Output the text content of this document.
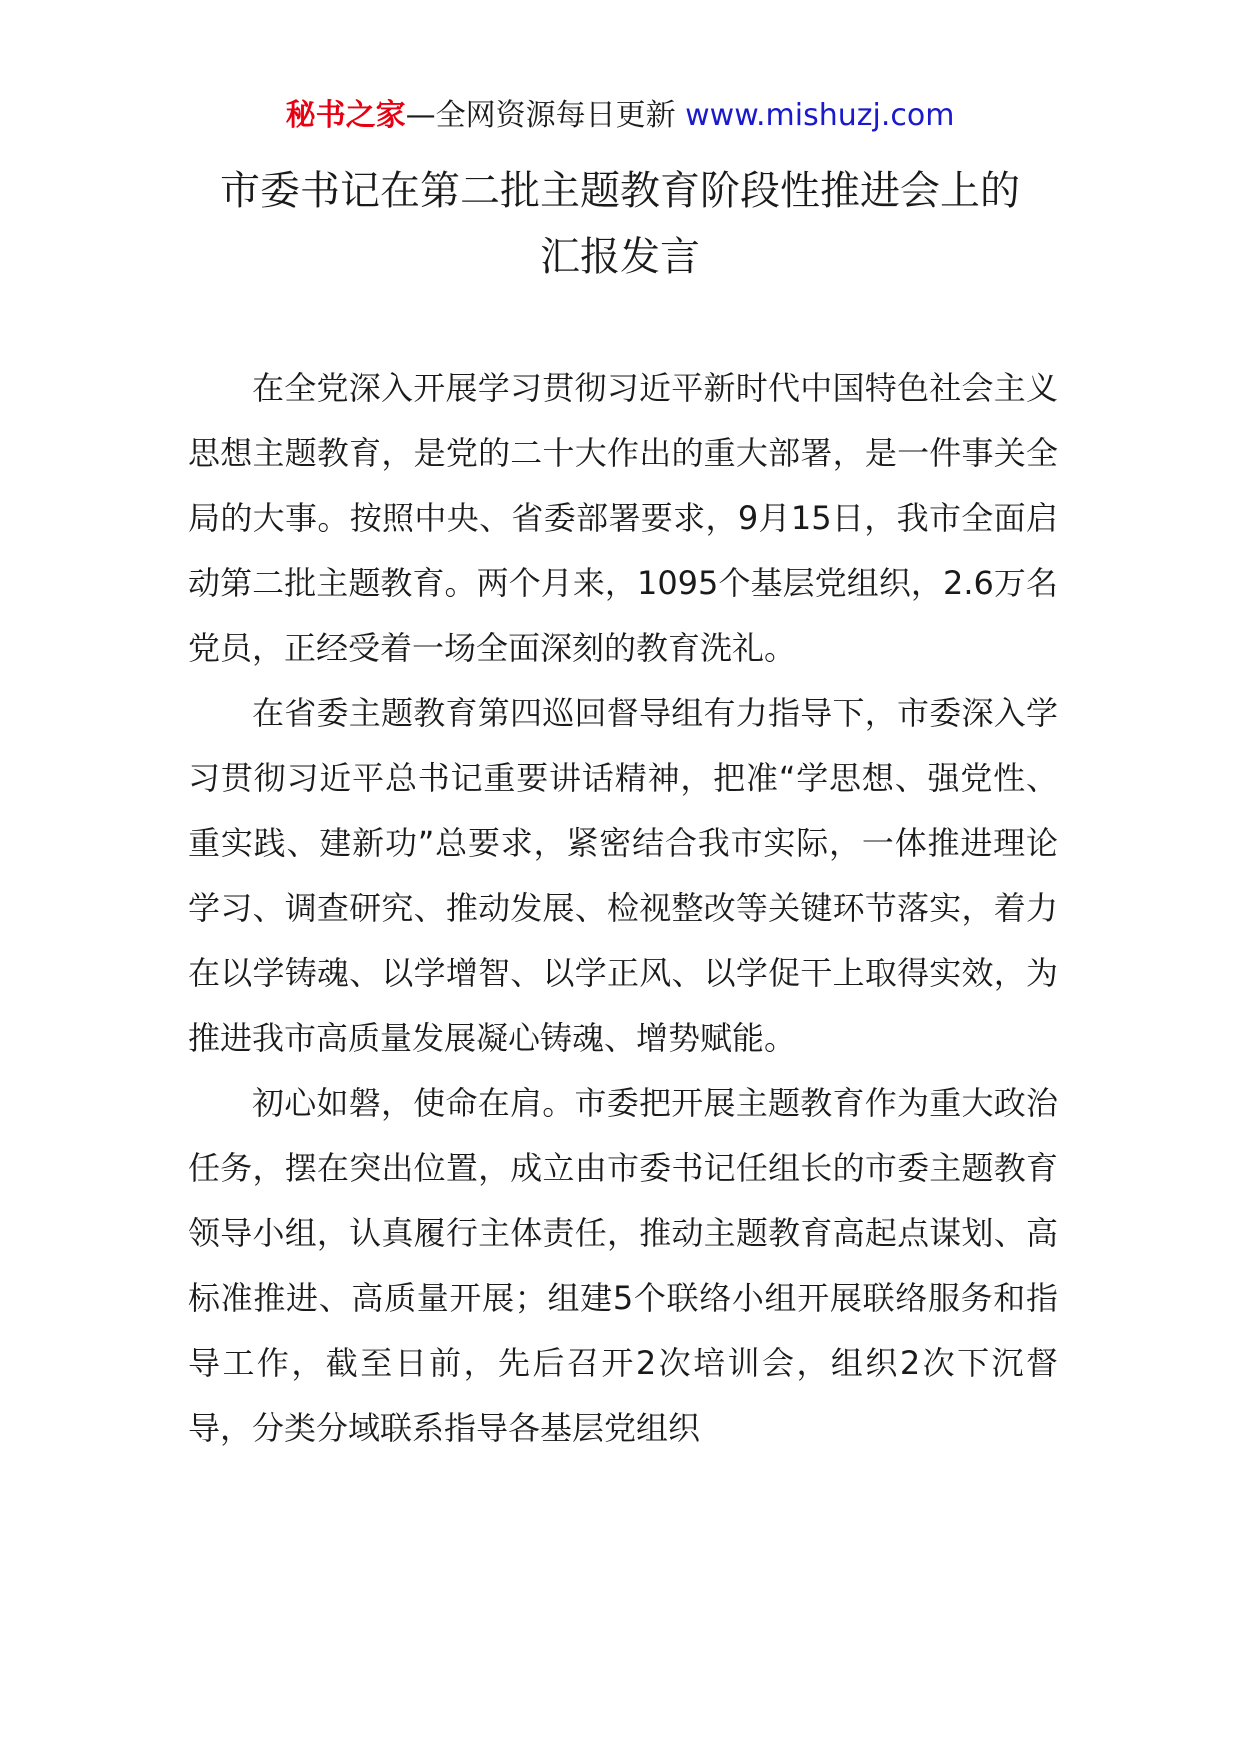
秘书之家—全网资源每日更新 www.mishuzj.com
市委书记在第二批主题教育阶段性推进会上的
汇报发言

在全党深入开展学习贯彻习近平新时代中国特色社会主义思想主题教育，是党的二十大作出的重大部署，是一件事关全局的大事。按照中央、省委部署要求，9月15日，我市全面启动第二批主题教育。两个月来，1095个基层党组织，2.6万名党员，正经受着一场全面深刻的教育洗礼。

在省委主题教育第四巡回督导组有力指导下，市委深入学习贯彻习近平总书记重要讲话精神，把准“学思想、强党性、重实践、建新功”总要求，紧密结合我市实际，一体推进理论学习、调查研究、推动发展、检视整改等关键环节落实，着力在以学铸魂、以学增智、以学正风、以学促干上取得实效，为推进我市高质量发展凝心铸魂、增势赋能。

初心如磐，使命在肩。市委把开展主题教育作为重大政治任务，摆在突出位置，成立由市委书记任组长的市委主题教育领导小组，认真履行主体责任，推动主题教育高起点谋划、高标准推进、高质量开展；组建5个联络小组开展联络服务和指导工作，截至日前，先后召开2次培训会，组织2次下沉督导，分类分域联系指导各基层党组织
